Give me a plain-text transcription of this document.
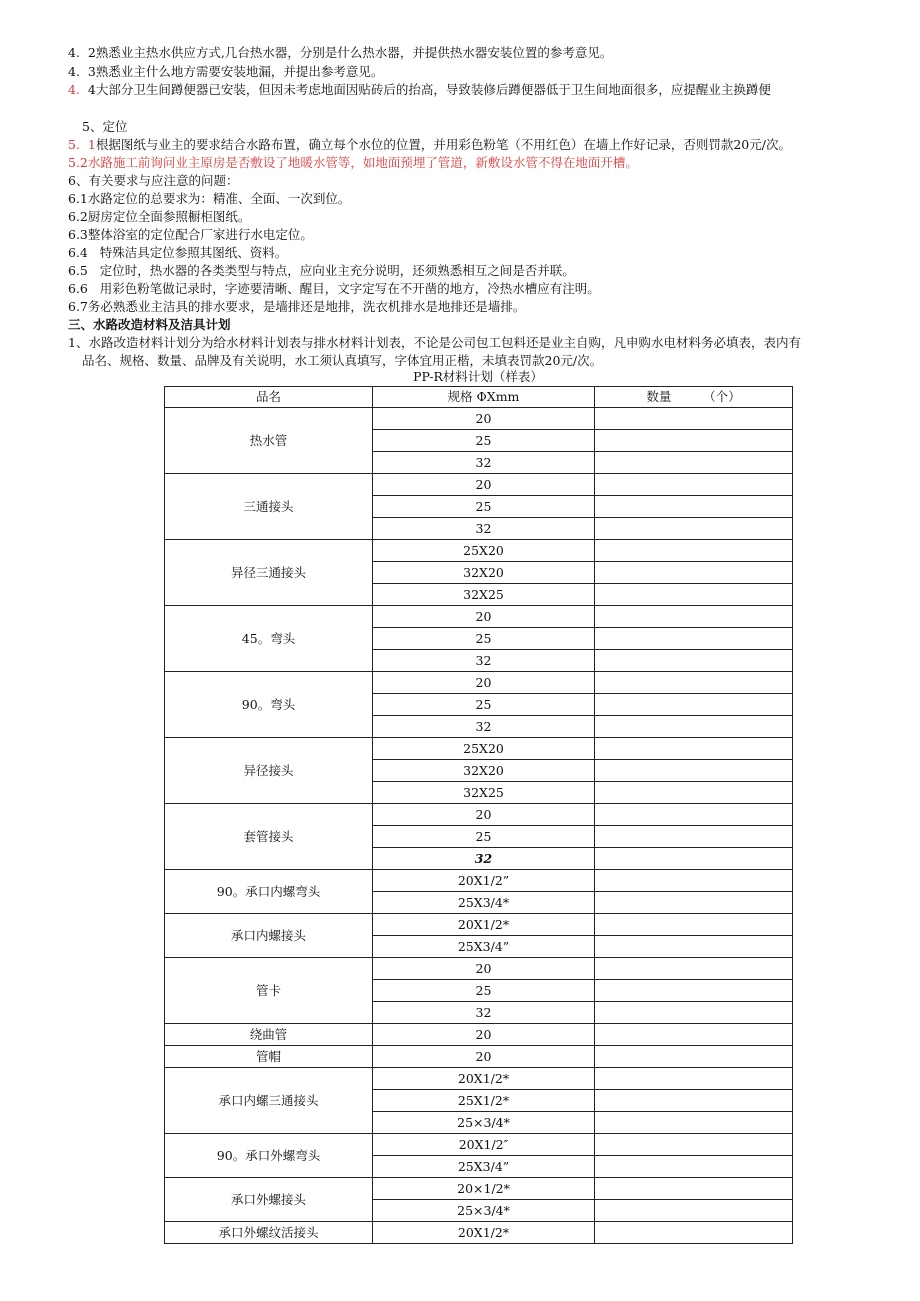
4. 2熟悉业主热水供应方式,几台热水器，分别是什么热水器，并提供热水器安装位置的参考意见。
4. 3熟悉业主什么地方需要安装地漏，并提出参考意见。
4. 4大部分卫生间蹲便器已安装，但因未考虑地面因贴砖后的抬高，导致装修后蹲便器低于卫生间地面很多，应提醒业主换蹲便
5、定位
5. 1根据图纸与业主的要求结合水路布置，确立每个水位的位置，并用彩色粉笔（不用红色）在墙上作好记录，否则罚款20元/次。
5.2水路施工前询问业主原房是否敷设了地暖水管等，如地面预埋了管道，新敷设水管不得在地面开槽。
6、有关要求与应注意的问题：
6.1水路定位的总要求为：精准、全面、一次到位。
6.2厨房定位全面参照橱柜图纸。
6.3整体浴室的定位配合厂家进行水电定位。
6.4   特殊洁具定位参照其图纸、资料。
6.5   定位时，热水器的各类类型与特点，应向业主充分说明，还须熟悉相互之间是否并联。
6.6   用彩色粉笔做记录时，字迹要清晰、醒目，文字定写在不开凿的地方，冷热水槽应有注明。
6.7务必熟悉业主洁具的排水要求，是墙排还是地排，洗衣机排水是地排还是墙排。
三、水路改造材料及洁具计划
1、水路改造材料计划分为给水材料计划表与排水材料计划表，不论是公司包工包料还是业主自购，凡申购水电材料务必填表，表内有
品名、规格、数量、品牌及有关说明，水工须认真填写，字体宜用正楷，未填表罚款20元/次。
PP-R材料计划（样表）
品名	规格 ΦXmm	数量        （个）
热水管	20	
	25	
	32	
三通接头	20	
	25	
	32	
异径三通接头	25X20	
	32X20	
	32X25	
45。弯头	20	
	25	
	32	
90。弯头	20	
	25	
	32	
异径接头	25X20	
	32X20	
	32X25	
套管接头	20	
	25	
	32	
90。承口内螺弯头	20X1/2”	
	25X3/4*	
承口内螺接头	20X1/2*	
	25X3/4”	
管卡	20	
	25	
	32	
绕曲管	20	
管帽	20	
承口内螺三通接头	20X1/2*	
	25X1/2*	
	25×3/4*	
90。承口外螺弯头	20X1/2″	
	25X3/4”	
承口外螺接头	20×1/2*	
	25×3/4*	
承口外螺纹活接头	20X1/2*	
